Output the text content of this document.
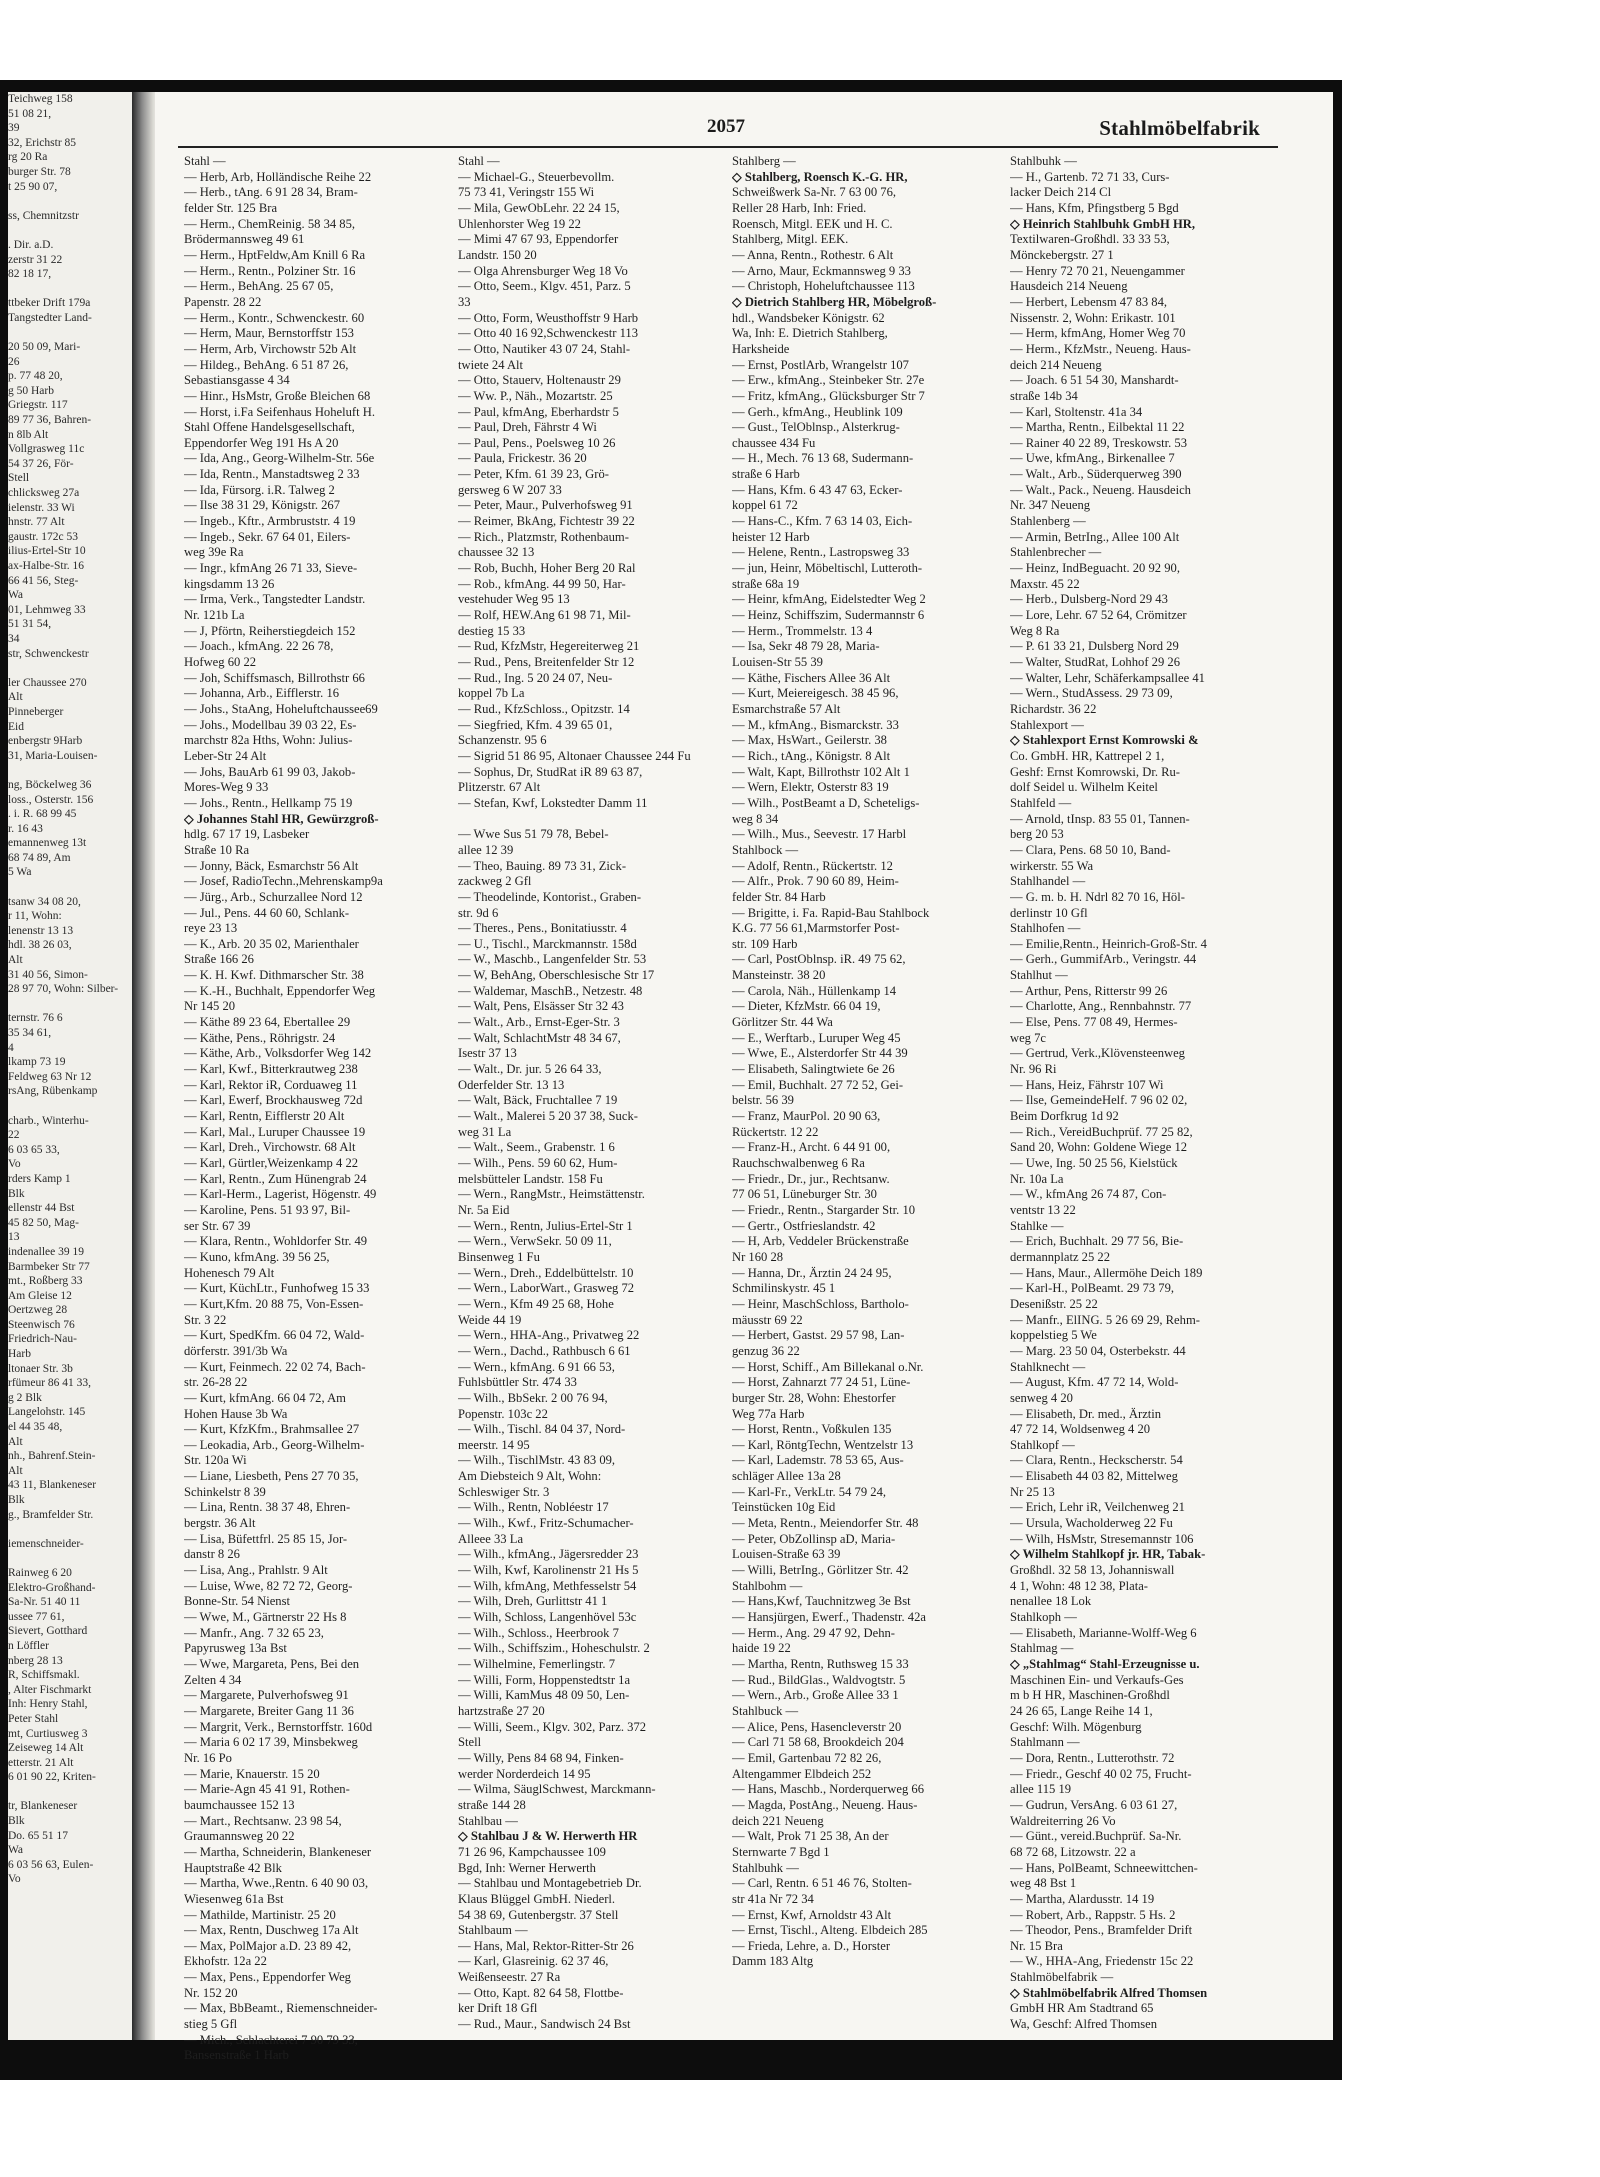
Teichweg 158
51 08 21,
39
32, Erichstr 85
rg 20 Ra
burger Str. 78
t 25 90 07,

ss, Chemnitzstr

. Dir. a.D.
zerstr 31 22
82 18 17,

ttbeker Drift 179a
Tangstedter Land-

20 50 09, Mari-
26
p. 77 48 20,
g 50 Harb
Griegstr. 117
89 77 36, Bahren-
n 8lb Alt
Vollgrasweg 11c
54 37 26, För-
Stell
chlicksweg 27a
ielenstr. 33 Wi
hnstr. 77 Alt
gaustr. 172c 53
ilius-Ertel-Str 10
ax-Halbe-Str. 16
66 41 56, Steg-
Wa
01, Lehmweg 33
51 31 54,
34
str, Schwenckestr

ler Chaussee 270
Alt
Pinneberger
Eid
enbergstr 9Harb
31, Maria-Louisen-

ng, Böckelweg 36
loss., Osterstr. 156
. i. R. 68 99 45
r. 16 43
emannenweg 13t
68 74 89, Am
5 Wa

tsanw 34 08 20,
r 11, Wohn:
lenenstr 13 13
hdl. 38 26 03,
Alt
31 40 56, Simon-
28 97 70, Wohn: Silber-

ternstr. 76 6
35 34 61,
4
lkamp 73 19
Feldweg 63 Nr 12
rsAng, Rübenkamp

charb., Winterhu-
22
6 03 65 33,
Vo
rders Kamp 1
Blk
ellenstr 44 Bst
45 82 50, Mag-
13
indenallee 39 19
Barmbeker Str 77
mt., Roßberg 33
Am Gleise 12
Oertzweg 28
Steenwisch 76
Friedrich-Nau-
Harb
ltonaer Str. 3b
rfümeur 86 41 33,
g 2 Blk
Langelohstr. 145
el 44 35 48,
Alt
nh., Bahrenf.Stein-
Alt
43 11, Blankeneser
Blk
g., Bramfelder Str.

iemenschneider-

Rainweg 6 20
Elektro-Großhand-
Sa-Nr. 51 40 11
ussee 77 61,
Sievert, Gotthard
n Löffler
nberg 28 13
R, Schiffsmakl.
, Alter Fischmarkt
Inh: Henry Stahl,
Peter Stahl
mt, Curtiusweg 3
Zeiseweg 14 Alt
etterstr. 21 Alt
6 01 90 22, Kriten-

tr, Blankeneser
Blk
Do. 65 51 17
Wa
6 03 56 63, Eulen-
Vo
2057	Stahlmöbelfabrik
Stahl —
— Herb, Arb, Holländische Reihe 22
— Herb., tAng. 6 91 28 34, Bram-
felder Str. 125 Bra
— Herm., ChemReinig. 58 34 85,
Brödermannsweg 49 61
— Herm., HptFeldw,Am Knill 6 Ra
— Herm., Rentn., Polziner Str. 16
— Herm., BehAng. 25 67 05,
Papenstr. 28 22
— Herm., Kontr., Schwenckestr. 60
— Herm, Maur, Bernstorffstr 153
— Herm, Arb, Virchowstr 52b Alt
— Hildeg., BehAng. 6 51 87 26,
Sebastiansgasse 4 34
— Hinr., HsMstr, Große Bleichen 68
— Horst, i.Fa Seifenhaus Hoheluft H.
Stahl Offene Handelsgesellschaft,
Eppendorfer Weg 191 Hs A 20
— Ida, Ang., Georg-Wilhelm-Str. 56e
— Ida, Rentn., Manstadtsweg 2 33
— Ida, Fürsorg. i.R. Talweg 2
— Ilse 38 31 29, Königstr. 267
— Ingeb., Kftr., Armbruststr. 4 19
— Ingeb., Sekr. 67 64 01, Eilers-
weg 39e Ra
— Ingr., kfmAng 26 71 33, Sieve-
kingsdamm 13 26
— Irma, Verk., Tangstedter Landstr.
Nr. 121b La
— J, Pförtn, Reiherstiegdeich 152
— Joach., kfmAng. 22 26 78,
Hofweg 60 22
— Joh, Schiffsmasch, Billrothstr 66
— Johanna, Arb., Eifflerstr. 16
— Johs., StaAng, Hoheluftchaussee69
— Johs., Modellbau 39 03 22, Es-
marchstr 82a Hths, Wohn: Julius-
Leber-Str 24 Alt
— Johs, BauArb 61 99 03, Jakob-
Mores-Weg 9 33
— Johs., Rentn., Hellkamp 75 19
◇ Johannes Stahl HR, Gewürzgroß-
hdlg. 67 17 19, Lasbeker
Straße 10 Ra
— Jonny, Bäck, Esmarchstr 56 Alt
— Josef, RadioTechn.,Mehrenskamp9a
— Jürg., Arb., Schurzallee Nord 12
— Jul., Pens. 44 60 60, Schlank-
reye 23 13
— K., Arb. 20 35 02, Marienthaler
Straße 166 26
— K. H. Kwf. Dithmarscher Str. 38
— K.-H., Buchhalt, Eppendorfer Weg
Nr 145 20
— Käthe 89 23 64, Ebertallee 29
— Käthe, Pens., Röhrigstr. 24
— Käthe, Arb., Volksdorfer Weg 142
— Karl, Kwf., Bitterkrautweg 238
— Karl, Rektor iR, Corduaweg 11
— Karl, Ewerf, Brockhausweg 72d
— Karl, Rentn, Eifflerstr 20 Alt
— Karl, Mal., Luruper Chaussee 19
— Karl, Dreh., Virchowstr. 68 Alt
— Karl, Gürtler,Weizenkamp 4 22
— Karl, Rentn., Zum Hünengrab 24
— Karl-Herm., Lagerist, Högenstr. 49
— Karoline, Pens. 51 93 97, Bil-
ser Str. 67 39
— Klara, Rentn., Wohldorfer Str. 49
— Kuno, kfmAng. 39 56 25,
Hohenesch 79 Alt
— Kurt, KüchLtr., Funhofweg 15 33
— Kurt,Kfm. 20 88 75, Von-Essen-
Str. 3 22
— Kurt, SpedKfm. 66 04 72, Wald-
dörferstr. 391/3b Wa
— Kurt, Feinmech. 22 02 74, Bach-
str. 26-28 22
— Kurt, kfmAng. 66 04 72, Am
Hohen Hause 3b Wa
— Kurt, KfzKfm., Brahmsallee 27
— Leokadia, Arb., Georg-Wilhelm-
Str. 120a Wi
— Liane, Liesbeth, Pens 27 70 35,
Schinkelstr 8 39
— Lina, Rentn. 38 37 48, Ehren-
bergstr. 36 Alt
— Lisa, Büfettfrl. 25 85 15, Jor-
danstr 8 26
— Lisa, Ang., Prahlstr. 9 Alt
— Luise, Wwe, 82 72 72, Georg-
Bonne-Str. 54 Nienst
— Wwe, M., Gärtnerstr 22 Hs 8
— Manfr., Ang. 7 32 65 23,
Papyrusweg 13a Bst
— Wwe, Margareta, Pens, Bei den
Zelten 4 34
— Margarete, Pulverhofsweg 91
— Margarete, Breiter Gang 11 36
— Margrit, Verk., Bernstorffstr. 160d
— Maria 6 02 17 39, Minsbekweg
Nr. 16 Po
— Marie, Knauerstr. 15 20
— Marie-Agn 45 41 91, Rothen-
baumchaussee 152 13
— Mart., Rechtsanw. 23 98 54,
Graumannsweg 20 22
— Martha, Schneiderin, Blankeneser
Hauptstraße 42 Blk
— Martha, Wwe.,Rentn. 6 40 90 03,
Wiesenweg 61a Bst
— Mathilde, Martinistr. 25 20
— Max, Rentn, Duschweg 17a Alt
— Max, PolMajor a.D. 23 89 42,
Ekhofstr. 12a 22
— Max, Pens., Eppendorfer Weg
Nr. 152 20
— Max, BbBeamt., Riemenschneider-
stieg 5 Gfl
— Mich., Schlachterei 7 90 79 33,
Bansenstraße 1 Harb
Stahl —
— Michael-G., Steuerbevollm.
75 73 41, Veringstr 155 Wi
— Mila, GewObLehr. 22 24 15,
Uhlenhorster Weg 19 22
— Mimi 47 67 93, Eppendorfer
Landstr. 150 20
— Olga Ahrensburger Weg 18 Vo
— Otto, Seem., Klgv. 451, Parz. 5
33
— Otto, Form, Weusthoffstr 9 Harb
— Otto 40 16 92,Schwenckestr 113
— Otto, Nautiker 43 07 24, Stahl-
twiete 24 Alt
— Otto, Stauerv, Holtenaustr 29
— Ww. P., Näh., Mozartstr. 25
— Paul, kfmAng, Eberhardstr 5
— Paul, Dreh, Fährstr 4 Wi
— Paul, Pens., Poelsweg 10 26
— Paula, Frickestr. 36 20
— Peter, Kfm. 61 39 23, Grö-
gersweg 6 W 207 33
— Peter, Maur., Pulverhofsweg 91
— Reimer, BkAng, Fichtestr 39 22
— Rich., Platzmstr, Rothenbaum-
chaussee 32 13
— Rob, Buchh, Hoher Berg 20 Ral
— Rob., kfmAng. 44 99 50, Har-
vestehuder Weg 95 13
— Rolf, HEW.Ang 61 98 71, Mil-
destieg 15 33
— Rud, KfzMstr, Hegereiterweg 21
— Rud., Pens, Breitenfelder Str 12
— Rud., Ing. 5 20 24 07, Neu-
koppel 7b La
— Rud., KfzSchloss., Opitzstr. 14
— Siegfried, Kfm. 4 39 65 01,
Schanzenstr. 95 6
— Sigrid 51 86 95, Altonaer Chaussee 244 Fu
— Sophus, Dr, StudRat iR 89 63 87,
Plitzerstr. 67 Alt
— Stefan, Kwf, Lokstedter Damm 11

— Wwe Sus 51 79 78, Bebel-
allee 12 39
— Theo, Bauing. 89 73 31, Zick-
zackweg 2 Gfl
— Theodelinde, Kontorist., Graben-
str. 9d 6
— Theres., Pens., Bonitatiusstr. 4
— U., Tischl., Marckmannstr. 158d
— W., Maschb., Langenfelder Str. 53
— W, BehAng, Oberschlesische Str 17
— Waldemar, MaschB., Netzestr. 48
— Walt, Pens, Elsässer Str 32 43
— Walt., Arb., Ernst-Eger-Str. 3
— Walt, SchlachtMstr 48 34 67,
Isestr 37 13
— Walt., Dr. jur. 5 26 64 33,
Oderfelder Str. 13 13
— Walt, Bäck, Fruchtallee 7 19
— Walt., Malerei 5 20 37 38, Suck-
weg 31 La
— Walt., Seem., Grabenstr. 1 6
— Wilh., Pens. 59 60 62, Hum-
melsbütteler Landstr. 158 Fu
— Wern., RangMstr., Heimstättenstr.
Nr. 5a Eid
— Wern., Rentn, Julius-Ertel-Str 1
— Wern., VerwSekr. 50 09 11,
Binsenweg 1 Fu
— Wern., Dreh., Eddelbüttelstr. 10
— Wern., LaborWart., Grasweg 72
— Wern., Kfm 49 25 68, Hohe
Weide 44 19
— Wern., HHA-Ang., Privatweg 22
— Wern., Dachd., Rathbusch 6 61
— Wern., kfmAng. 6 91 66 53,
Fuhlsbüttler Str. 474 33
— Wilh., BbSekr. 2 00 76 94,
Popenstr. 103c 22
— Wilh., Tischl. 84 04 37, Nord-
meerstr. 14 95
— Wilh., TischlMstr. 43 83 09,
Am Diebsteich 9 Alt, Wohn:
Schleswiger Str. 3
— Wilh., Rentn, Nobléestr 17
— Wilh., Kwf., Fritz-Schumacher-
Alleee 33 La
— Wilh., kfmAng., Jägersredder 23
— Wilh, Kwf, Karolinenstr 21 Hs 5
— Wilh, kfmAng, Methfesselstr 54
— Wilh, Dreh, Gurlittstr 41 1
— Wilh, Schloss, Langenhövel 53c
— Wilh., Schloss., Heerbrook 7
— Wilh., Schiffszim., Hoheschulstr. 2
— Wilhelmine, Femerlingstr. 7
— Willi, Form, Hoppenstedtstr 1a
— Willi, KamMus 48 09 50, Len-
hartzstraße 27 20
— Willi, Seem., Klgv. 302, Parz. 372
Stell
— Willy, Pens 84 68 94, Finken-
werder Norderdeich 14 95
— Wilma, SäuglSchwest, Marckmann-
straße 144 28
Stahlbau —
◇ Stahlbau J & W. Herwerth HR
71 26 96, Kampchaussee 109
Bgd, Inh: Werner Herwerth
— Stahlbau und Montagebetrieb Dr.
Klaus Blüggel GmbH. Niederl.
54 38 69, Gutenbergstr. 37 Stell
Stahlbaum —
— Hans, Mal, Rektor-Ritter-Str 26
— Karl, Glasreinig. 62 37 46,
Weißenseestr. 27 Ra
— Otto, Kapt. 82 64 58, Flottbe-
ker Drift 18 Gfl
— Rud., Maur., Sandwisch 24 Bst
Stahlberg —
◇ Stahlberg, Roensch K.-G. HR,
Schweißwerk Sa-Nr. 7 63 00 76,
Reller 28 Harb, Inh: Fried.
Roensch, Mitgl. EEK und H. C.
Stahlberg, Mitgl. EEK.
— Anna, Rentn., Rothestr. 6 Alt
— Arno, Maur, Eckmannsweg 9 33
— Christoph, Hoheluftchaussee 113
◇ Dietrich Stahlberg HR, Möbelgroß-
hdl., Wandsbeker Königstr. 62
Wa, Inh: E. Dietrich Stahlberg,
Harksheide
— Ernst, PostlArb, Wrangelstr 107
— Erw., kfmAng., Steinbeker Str. 27e
— Fritz, kfmAng., Glücksburger Str 7
— Gerh., kfmAng., Heublink 109
— Gust., TelOblnsp., Alsterkrug-
chaussee 434 Fu
— H., Mech. 76 13 68, Sudermann-
straße 6 Harb
— Hans, Kfm. 6 43 47 63, Ecker-
koppel 61 72
— Hans-C., Kfm. 7 63 14 03, Eich-
heister 12 Harb
— Helene, Rentn., Lastropsweg 33
— jun, Heinr, Möbeltischl, Lutteroth-
straße 68a 19
— Heinr, kfmAng, Eidelstedter Weg 2
— Heinz, Schiffszim, Sudermannstr 6
— Herm., Trommelstr. 13 4
— Isa, Sekr 48 79 28, Maria-
Louisen-Str 55 39
— Käthe, Fischers Allee 36 Alt
— Kurt, Meiereigesch. 38 45 96,
Esmarchstraße 57 Alt
— M., kfmAng., Bismarckstr. 33
— Max, HsWart., Geilerstr. 38
— Rich., tAng., Königstr. 8 Alt
— Walt, Kapt, Billrothstr 102 Alt 1
— Wern, Elektr, Osterstr 83 19
— Wilh., PostBeamt a D, Scheteligs-
weg 8 34
— Wilh., Mus., Seevestr. 17 Harbl
Stahlbock —
— Adolf, Rentn., Rückertstr. 12
— Alfr., Prok. 7 90 60 89, Heim-
felder Str. 84 Harb
— Brigitte, i. Fa. Rapid-Bau Stahlbock
K.G. 77 56 61,Marmstorfer Post-
str. 109 Harb
— Carl, PostOblnsp. iR. 49 75 62,
Mansteinstr. 38 20
— Carola, Näh., Hüllenkamp 14
— Dieter, KfzMstr. 66 04 19,
Görlitzer Str. 44 Wa
— E., Werftarb., Luruper Weg 45
— Wwe, E., Alsterdorfer Str 44 39
— Elisabeth, Salingtwiete 6e 26
— Emil, Buchhalt. 27 72 52, Gei-
belstr. 56 39
— Franz, MaurPol. 20 90 63,
Rückertstr. 12 22
— Franz-H., Archt. 6 44 91 00,
Rauchschwalbenweg 6 Ra
— Friedr., Dr., jur., Rechtsanw.
77 06 51, Lüneburger Str. 30
— Friedr., Rentn., Stargarder Str. 10
— Gertr., Ostfrieslandstr. 42
— H, Arb, Veddeler Brückenstraße
Nr 160 28
— Hanna, Dr., Ärztin 24 24 95,
Schmilinskystr. 45 1
— Heinr, MaschSchloss, Bartholo-
mäusstr 69 22
— Herbert, Gastst. 29 57 98, Lan-
genzug 36 22
— Horst, Schiff., Am Billekanal o.Nr.
— Horst, Zahnarzt 77 24 51, Lüne-
burger Str. 28, Wohn: Ehestorfer
Weg 77a Harb
— Horst, Rentn., Voßkulen 135
— Karl, RöntgTechn, Wentzelstr 13
— Karl, Lademstr. 78 53 65, Aus-
schläger Allee 13a 28
— Karl-Fr., VerkLtr. 54 79 24,
Teinstücken 10g Eid
— Meta, Rentn., Meiendorfer Str. 48
— Peter, ObZollinsp aD, Maria-
Louisen-Straße 63 39
— Willi, BetrIng., Görlitzer Str. 42
Stahlbohm —
— Hans,Kwf, Tauchnitzweg 3e Bst
— Hansjürgen, Ewerf., Thadenstr. 42a
— Herm., Ang. 29 47 92, Dehn-
haide 19 22
— Martha, Rentn, Ruthsweg 15 33
— Rud., BildGlas., Waldvogtstr. 5
— Wern., Arb., Große Allee 33 1
Stahlbuck —
— Alice, Pens, Hasencleverstr 20
— Carl 71 58 68, Brookdeich 204
— Emil, Gartenbau 72 82 26,
Altengammer Elbdeich 252
— Hans, Maschb., Norderquerweg 66
— Magda, PostAng., Neueng. Haus-
deich 221 Neueng
— Walt, Prok 71 25 38, An der
Sternwarte 7 Bgd 1
Stahlbuhk —
— Carl, Rentn. 6 51 46 76, Stolten-
str 41a Nr 72 34
— Ernst, Kwf, Arnoldstr 43 Alt
— Ernst, Tischl., Alteng. Elbdeich 285
— Frieda, Lehre, a. D., Horster
Damm 183 Altg
Stahlbuhk —
— H., Gartenb. 72 71 33, Curs-
lacker Deich 214 Cl
— Hans, Kfm, Pfingstberg 5 Bgd
◇ Heinrich Stahlbuhk GmbH HR,
Textilwaren-Großhdl. 33 33 53,
Mönckebergstr. 27 1
— Henry 72 70 21, Neuengammer
Hausdeich 214 Neueng
— Herbert, Lebensm 47 83 84,
Nissenstr. 2, Wohn: Erikastr. 101
— Herm, kfmAng, Homer Weg 70
— Herm., KfzMstr., Neueng. Haus-
deich 214 Neueng
— Joach. 6 51 54 30, Manshardt-
straße 14b 34
— Karl, Stoltenstr. 41a 34
— Martha, Rentn., Eilbektal 11 22
— Rainer 40 22 89, Treskowstr. 53
— Uwe, kfmAng., Birkenallee 7
— Walt., Arb., Süderquerweg 390
— Walt., Pack., Neueng. Hausdeich
Nr. 347 Neueng
Stahlenberg —
— Armin, BetrIng., Allee 100 Alt
Stahlenbrecher —
— Heinz, IndBeguacht. 20 92 90,
Maxstr. 45 22
— Herb., Dulsberg-Nord 29 43
— Lore, Lehr. 67 52 64, Crömitzer
Weg 8 Ra
— P. 61 33 21, Dulsberg Nord 29
— Walter, StudRat, Lohhof 29 26
— Walter, Lehr, Schäferkampsallee 41
— Wern., StudAssess. 29 73 09,
Richardstr. 36 22
Stahlexport —
◇ Stahlexport Ernst Komrowski &
Co. GmbH. HR, Kattrepel 2 1,
Geshf: Ernst Komrowski, Dr. Ru-
dolf Seidel u. Wilhelm Keitel
Stahlfeld —
— Arnold, tInsp. 83 55 01, Tannen-
berg 20 53
— Clara, Pens. 68 50 10, Band-
wirkerstr. 55 Wa
Stahlhandel —
— G. m. b. H. Ndrl 82 70 16, Höl-
derlinstr 10 Gfl
Stahlhofen —
— Emilie,Rentn., Heinrich-Groß-Str. 4
— Gerh., GummifArb., Veringstr. 44
Stahlhut —
— Arthur, Pens, Ritterstr 99 26
— Charlotte, Ang., Rennbahnstr. 77
— Else, Pens. 77 08 49, Hermes-
weg 7c
— Gertrud, Verk.,Klövensteenweg
Nr. 96 Ri
— Hans, Heiz, Fährstr 107 Wi
— Ilse, GemeindeHelf. 7 96 02 02,
Beim Dorfkrug 1d 92
— Rich., VereidBuchprüf. 77 25 82,
Sand 20, Wohn: Goldene Wiege 12
— Uwe, Ing. 50 25 56, Kielstück
Nr. 10a La
— W., kfmAng 26 74 87, Con-
ventstr 13 22
Stahlke —
— Erich, Buchhalt. 29 77 56, Bie-
dermannplatz 25 22
— Hans, Maur., Allermöhe Deich 189
— Karl-H., PolBeamt. 29 73 79,
Desenißstr. 25 22
— Manfr., ElING. 5 26 69 29, Rehm-
koppelstieg 5 We
— Marg. 23 50 04, Osterbekstr. 44
Stahlknecht —
— August, Kfm. 47 72 14, Wold-
senweg 4 20
— Elisabeth, Dr. med., Ärztin
47 72 14, Woldsenweg 4 20
Stahlkopf —
— Clara, Rentn., Heckscherstr. 54
— Elisabeth 44 03 82, Mittelweg
Nr 25 13
— Erich, Lehr iR, Veilchenweg 21
— Ursula, Wacholderweg 22 Fu
— Wilh, HsMstr, Stresemannstr 106
◇ Wilhelm Stahlkopf jr. HR, Tabak-
Großhdl. 32 58 13, Johanniswall
4 1, Wohn: 48 12 38, Plata-
nenallee 18 Lok
Stahlkoph —
— Elisabeth, Marianne-Wolff-Weg 6
Stahlmag —
◇ „Stahlmag“ Stahl-Erzeugnisse u.
Maschinen Ein- und Verkaufs-Ges
m b H HR, Maschinen-Großhdl
24 26 65, Lange Reihe 14 1,
Geschf: Wilh. Mögenburg
Stahlmann —
— Dora, Rentn., Lutterothstr. 72
— Friedr., Geschf 40 02 75, Frucht-
allee 115 19
— Gudrun, VersAng. 6 03 61 27,
Waldreiterring 26 Vo
— Günt., vereid.Buchprüf. Sa-Nr.
68 72 68, Litzowstr. 22 a
— Hans, PolBeamt, Schneewittchen-
weg 48 Bst 1
— Martha, Alardusstr. 14 19
— Robert, Arb., Rappstr. 5 Hs. 2
— Theodor, Pens., Bramfelder Drift
Nr. 15 Bra
— W., HHA-Ang, Friedenstr 15c 22
Stahlmöbelfabrik —
◇ Stahlmöbelfabrik Alfred Thomsen
GmbH HR Am Stadtrand 65
Wa, Geschf: Alfred Thomsen
